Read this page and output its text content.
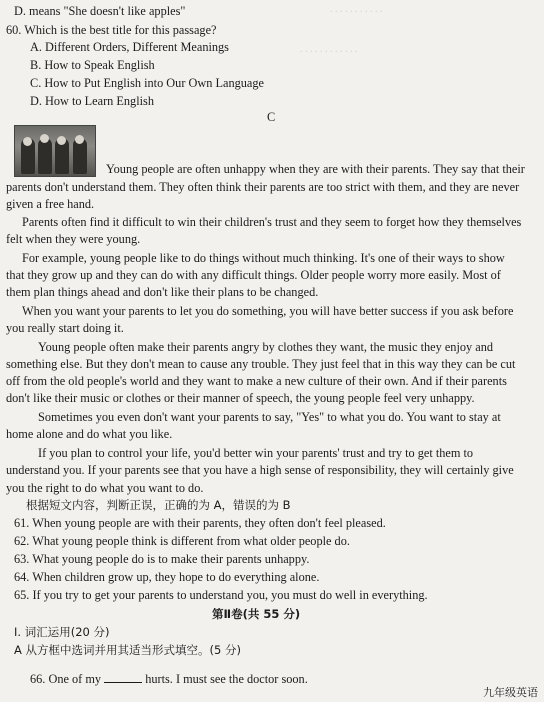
. . . . . . . . . . .
. . . . . . . . . . . .
D. means "She doesn't like apples"
60. Which is the best title for this passage?
A. Different Orders, Different Meanings
B. How to Speak English
C. How to Put English into Our Own Language
D. How to Learn English
C
Young people are often unhappy when they are with their parents. They say that their
parents don't understand them. They often think their parents are too strict with them, and they are never
given a free hand.
Parents often find it difficult to win their children's trust and they seem to forget how they themselves
felt when they were young.
For example, young people like to do things without much thinking. It's one of their ways to show
that they grow up and they can do with any difficult things. Older people worry more easily. Most of
them plan things ahead and don't like their plans to be changed.
When you want your parents to let you do something, you will have better success if you ask before
you really start doing it.
Young people often make their parents angry by clothes they want, the music they enjoy and
something else. But they don't mean to cause any trouble. They just feel that in this way they can be cut
off from the old people's world and they want to make a new culture of their own. And if their parents
don't like their music or clothes or their manner of speech, the young people feel very unhappy.
Sometimes you even don't want your parents to say, "Yes" to what you do. You want to stay at
home alone and do what you like.
If you plan to control your life, you'd better win your parents' trust and try to get them to
understand you. If your parents see that you have a high sense of responsibility, they will certainly give
you the right to do what you want to do.
根据短文内容，判断正误，正确的为 A，错误的为 B
61. When young people are with their parents, they often don't feel pleased.
62. What young people think is different from what older people do.
63. What young people do is to make their parents unhappy.
64. When children grow up, they hope to do everything alone.
65. If you try to get your parents to understand you, you must do well in everything.
第Ⅱ卷(共 55 分)
Ⅰ. 词汇运用(20 分)
A 从方框中选词并用其适当形式填空。(5 分)
66. One of my	hurts. I must see the doctor soon.
九年级英语
